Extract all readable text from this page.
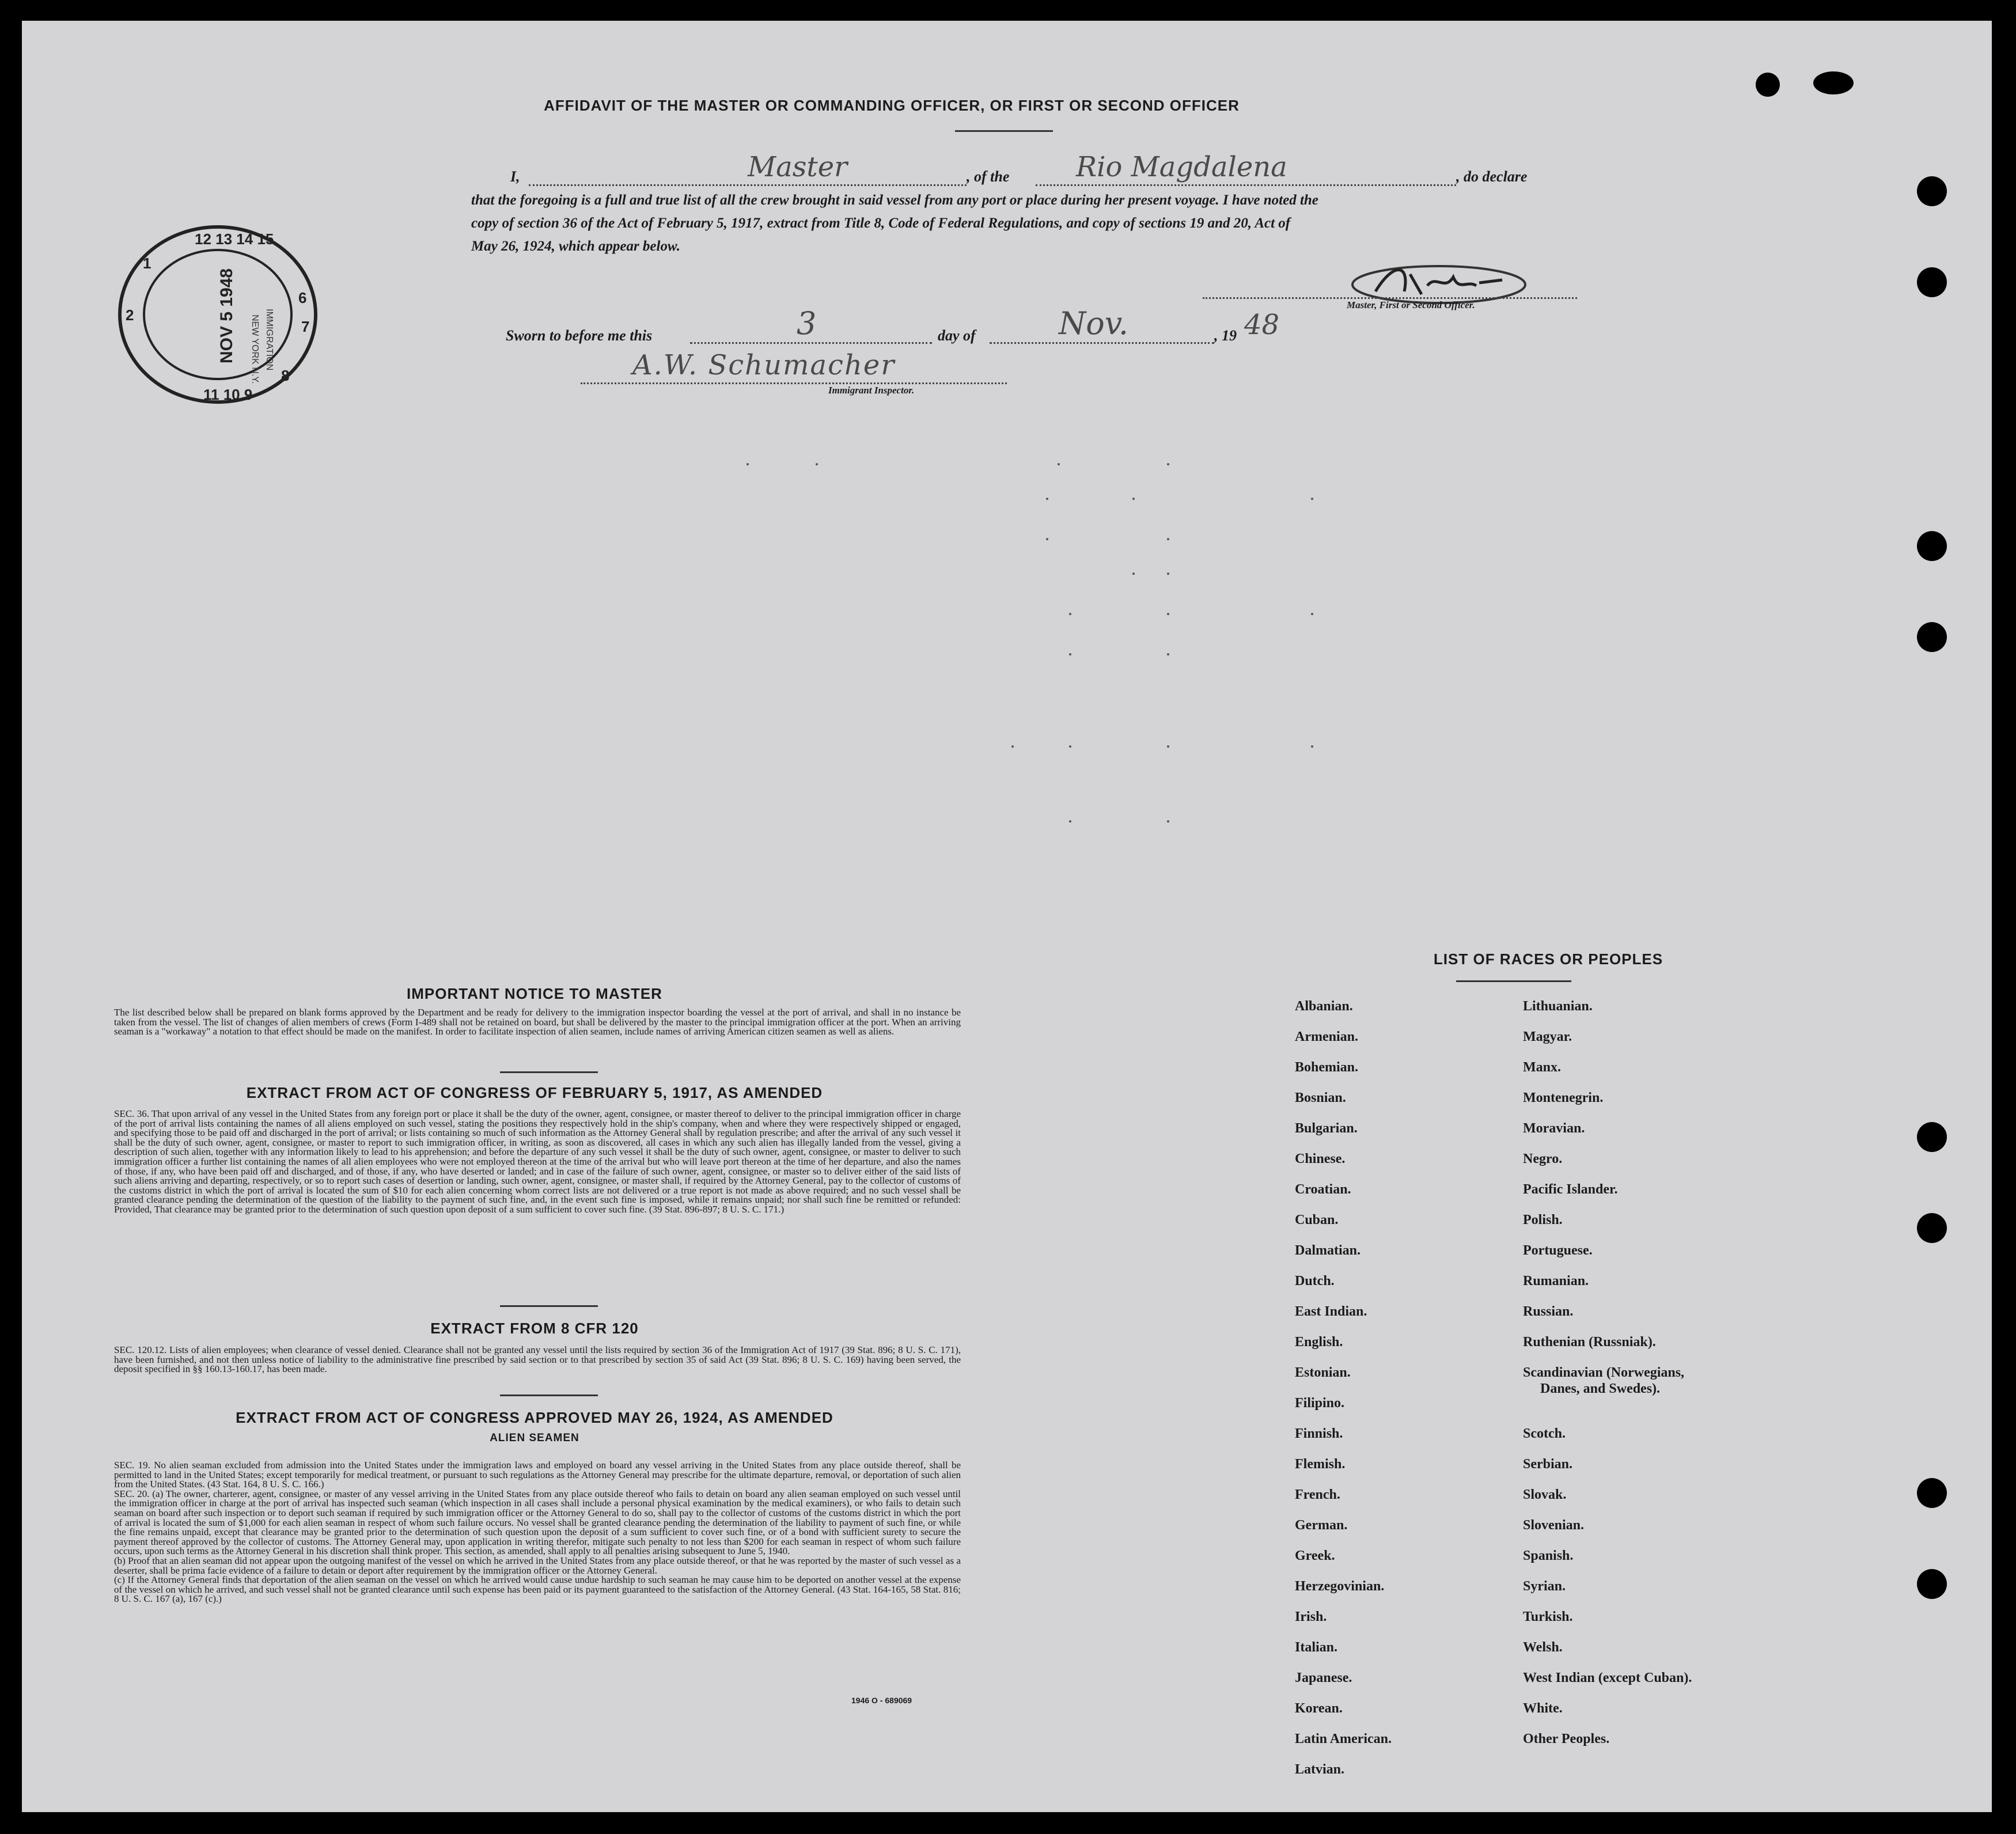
AFFIDAVIT OF THE MASTER OR COMMANDING OFFICER, OR FIRST OR SECOND OFFICER
I,	Master	, of the Rio Magdalena	, do declare
that the foregoing is a full and true list of all the crew brought in said vessel from any port or place during her present voyage. I have noted the
copy of section 36 of the Act of February 5, 1917, extract from Title 8, Code of Federal Regulations, and copy of sections 19 and 20, Act of
May 26, 1924, which appear below.
Master, First or Second Officer.
Sworn to before me this	3	day of	Nov.	, 19 48
A.W. Schumacher
Immigrant Inspector.
12 13 14 15
11 10 9
2
6
7
1
8
NOV 5 1948 NEW YORK N.Y. IMMIGRATION
IMPORTANT NOTICE TO MASTER
The list described below shall be prepared on blank forms approved by the Department and be ready for delivery to the immigration inspector boarding the vessel at the port of arrival, and shall in no instance be taken from the vessel. The list of changes of alien members of crews (Form I-489 shall not be retained on board, but shall be delivered by the master to the principal immigration officer at the port. When an arriving seaman is a "workaway" a notation to that effect should be made on the manifest. In order to facilitate inspection of alien seamen, include names of arriving American citizen seamen as well as aliens.
EXTRACT FROM ACT OF CONGRESS OF FEBRUARY 5, 1917, AS AMENDED
SEC. 36. That upon arrival of any vessel in the United States from any foreign port or place it shall be the duty of the owner, agent, consignee, or master thereof to deliver to the principal immigration officer in charge of the port of arrival lists containing the names of all aliens employed on such vessel, stating the positions they respectively hold in the ship's company, when and where they were respectively shipped or engaged, and specifying those to be paid off and discharged in the port of arrival; or lists containing so much of such information as the Attorney General shall by regulation prescribe; and after the arrival of any such vessel it shall be the duty of such owner, agent, consignee, or master to report to such immigration officer, in writing, as soon as discovered, all cases in which any such alien has illegally landed from the vessel, giving a description of such alien, together with any information likely to lead to his apprehension; and before the departure of any such vessel it shall be the duty of such owner, agent, consignee, or master to deliver to such immigration officer a further list containing the names of all alien employees who were not employed thereon at the time of the arrival but who will leave port thereon at the time of her departure, and also the names of those, if any, who have been paid off and discharged, and of those, if any, who have deserted or landed; and in case of the failure of such owner, agent, consignee, or master so to deliver either of the said lists of such aliens arriving and departing, respectively, or so to report such cases of desertion or landing, such owner, agent, consignee, or master shall, if required by the Attorney General, pay to the collector of customs of the customs district in which the port of arrival is located the sum of $10 for each alien concerning whom correct lists are not delivered or a true report is not made as above required; and no such vessel shall be granted clearance pending the determination of the question of the liability to the payment of such fine, and, in the event such fine is imposed, while it remains unpaid; nor shall such fine be remitted or refunded: Provided, That clearance may be granted prior to the determination of such question upon deposit of a sum sufficient to cover such fine. (39 Stat. 896-897; 8 U. S. C. 171.)
EXTRACT FROM 8 CFR 120
SEC. 120.12. Lists of alien employees; when clearance of vessel denied. Clearance shall not be granted any vessel until the lists required by section 36 of the Immigration Act of 1917 (39 Stat. 896; 8 U. S. C. 171), have been furnished, and not then unless notice of liability to the administrative fine prescribed by said section or to that prescribed by section 35 of said Act (39 Stat. 896; 8 U. S. C. 169) having been served, the deposit specified in §§ 160.13-160.17, has been made.
EXTRACT FROM ACT OF CONGRESS APPROVED MAY 26, 1924, AS AMENDED
ALIEN SEAMEN

SEC. 19. No alien seaman excluded from admission into the United States under the immigration laws and employed on board any vessel arriving in the United States from any place outside thereof, shall be permitted to land in the United States; except temporarily for medical treatment, or pursuant to such regulations as the Attorney General may prescribe for the ultimate departure, removal, or deportation of such alien from the United States. (43 Stat. 164, 8 U. S. C. 166.)

SEC. 20. (a) The owner, charterer, agent, consignee, or master of any vessel arriving in the United States from any place outside thereof who fails to detain on board any alien seaman employed on such vessel until the immigration officer in charge at the port of arrival has inspected such seaman (which inspection in all cases shall include a personal physical examination by the medical examiners), or who fails to detain such seaman on board after such inspection or to deport such seaman if required by such immigration officer or the Attorney General to do so, shall pay to the collector of customs of the customs district in which the port of arrival is located the sum of $1,000 for each alien seaman in respect of whom such failure occurs. No vessel shall be granted clearance pending the determination of the liability to payment of such fine, or while the fine remains unpaid, except that clearance may be granted prior to the determination of such question upon the deposit of a sum sufficient to cover such fine, or of a bond with sufficient surety to secure the payment thereof approved by the collector of customs. The Attorney General may, upon application in writing therefor, mitigate such penalty to not less than $200 for each seaman in respect of whom such failure occurs, upon such terms as the Attorney General in his discretion shall think proper. This section, as amended, shall apply to all penalties arising subsequent to June 5, 1940.

(b) Proof that an alien seaman did not appear upon the outgoing manifest of the vessel on which he arrived in the United States from any place outside thereof, or that he was reported by the master of such vessel as a deserter, shall be prima facie evidence of a failure to detain or deport after requirement by the immigration officer or the Attorney General.

(c) If the Attorney General finds that deportation of the alien seaman on the vessel on which he arrived would cause undue hardship to such seaman he may cause him to be deported on another vessel at the expense of the vessel on which he arrived, and such vessel shall not be granted clearance until such expense has been paid or its payment guaranteed to the satisfaction of the Attorney General. (43 Stat. 164-165, 58 Stat. 816; 8 U. S. C. 167 (a), 167 (c).)

1946 O - 689069
LIST OF RACES OR PEOPLES
Albanian.
Armenian.
Bohemian.
Bosnian.
Bulgarian.
Chinese.
Croatian.
Cuban.
Dalmatian.
Dutch.
East Indian.
English.
Estonian.
Filipino.
Finnish.
Flemish.
French.
German.
Greek.
Herzegovinian.
Irish.
Italian.
Japanese.
Korean.
Latin American.
Latvian.
Lithuanian.
Magyar.
Manx.
Montenegrin.
Moravian.
Negro.
Pacific Islander.
Polish.
Portuguese.
Rumanian.
Russian.
Ruthenian (Russniak).
Scandinavian (Norwegians,
Danes, and Swedes).
Scotch.
Serbian.
Slovak.
Slovenian.
Spanish.
Syrian.
Turkish.
Welsh.
West Indian (except Cuban).
White.
Other Peoples.
